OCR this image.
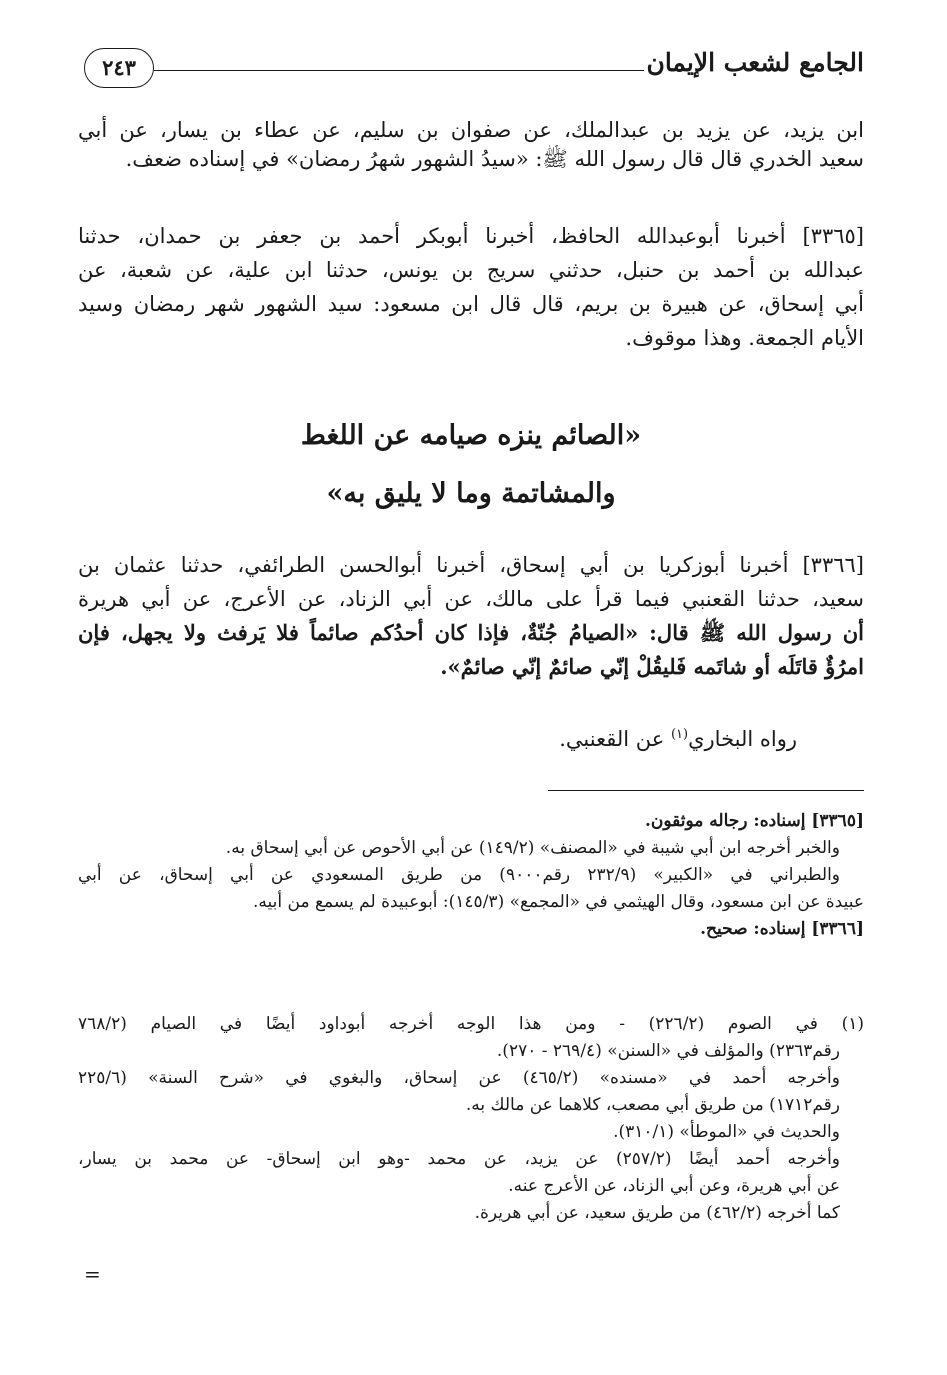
الجامع لشعب الإيمان
٢٤٣
ابن يزيد، عن يزيد بن عبدالملك، عن صفوان بن سليم، عن عطاء بن يسار، عن أبي
سعيد الخدري قال قال رسول الله ﷺ: «سيدُ الشهور شهرُ رمضان» في إسناده ضعف.
[٣٣٦٥] أخبرنا أبوعبدالله الحافظ، أخبرنا أبوبكر أحمد بن جعفر بن حمدان، حدثنا
عبدالله بن أحمد بن حنبل، حدثني سريج بن يونس، حدثنا ابن علية، عن شعبة، عن
أبي إسحاق، عن هبيرة بن بريم، قال قال ابن مسعود: سيد الشهور شهر رمضان وسيد
الأيام الجمعة. وهذا موقوف.
«الصائم ينزه صيامه عن اللغط
والمشاتمة وما لا يليق به»
[٣٣٦٦] أخبرنا أبوزكريا بن أبي إسحاق، أخبرنا أبوالحسن الطرائفي، حدثنا عثمان بن
سعيد، حدثنا القعنبي فيما قرأ على مالك، عن أبي الزناد، عن الأعرج، عن أبي هريرة
أن رسول الله ﷺ قال: «الصيامُ جُنّةٌ، فإذا كان أحدُكم صائماً فلا يَرفث ولا يجهل، فإن
امرُؤٌ قاتَلَه أو شاتَمه فَليقُلْ إنّي صائمٌ إنّي صائمٌ».
رواه البخاري$^{(١)}$ عن القعنبي.
[٣٣٦٥] إسناده: رجاله موثقون.
والخبر أخرجه ابن أبي شيبة في «المصنف» (١٤٩/٢) عن أبي الأحوص عن أبي إسحاق به.
والطبراني في «الكبير» (٢٣٢/٩ رقم٩٠٠٠) من طريق المسعودي عن أبي إسحاق، عن أبي
عبيدة عن ابن مسعود، وقال الهيثمي في «المجمع» (١٤٥/٣): أبوعبيدة لم يسمع من أبيه.
[٣٣٦٦] إسناده: صحيح.
(١) في الصوم (٢٢٦/٢) - ومن هذا الوجه أخرجه أبوداود أيضًا في الصيام (٧٦٨/٢
رقم٢٣٦٣) والمؤلف في «السنن» (٢٦٩/٤ - ٢٧٠).
وأخرجه أحمد في «مسنده» (٤٦٥/٢) عن إسحاق، والبغوي في «شرح السنة» (٢٢٥/٦
رقم١٧١٢) من طريق أبي مصعب، كلاهما عن مالك به.
والحديث في «الموطأ» (٣١٠/١).
وأخرجه أحمد أيضًا (٢٥٧/٢) عن يزيد، عن محمد -وهو ابن إسحاق- عن محمد بن يسار،
عن أبي هريرة، وعن أبي الزناد، عن الأعرج عنه.
كما أخرجه (٤٦٢/٢) من طريق سعيد، عن أبي هريرة.
=
